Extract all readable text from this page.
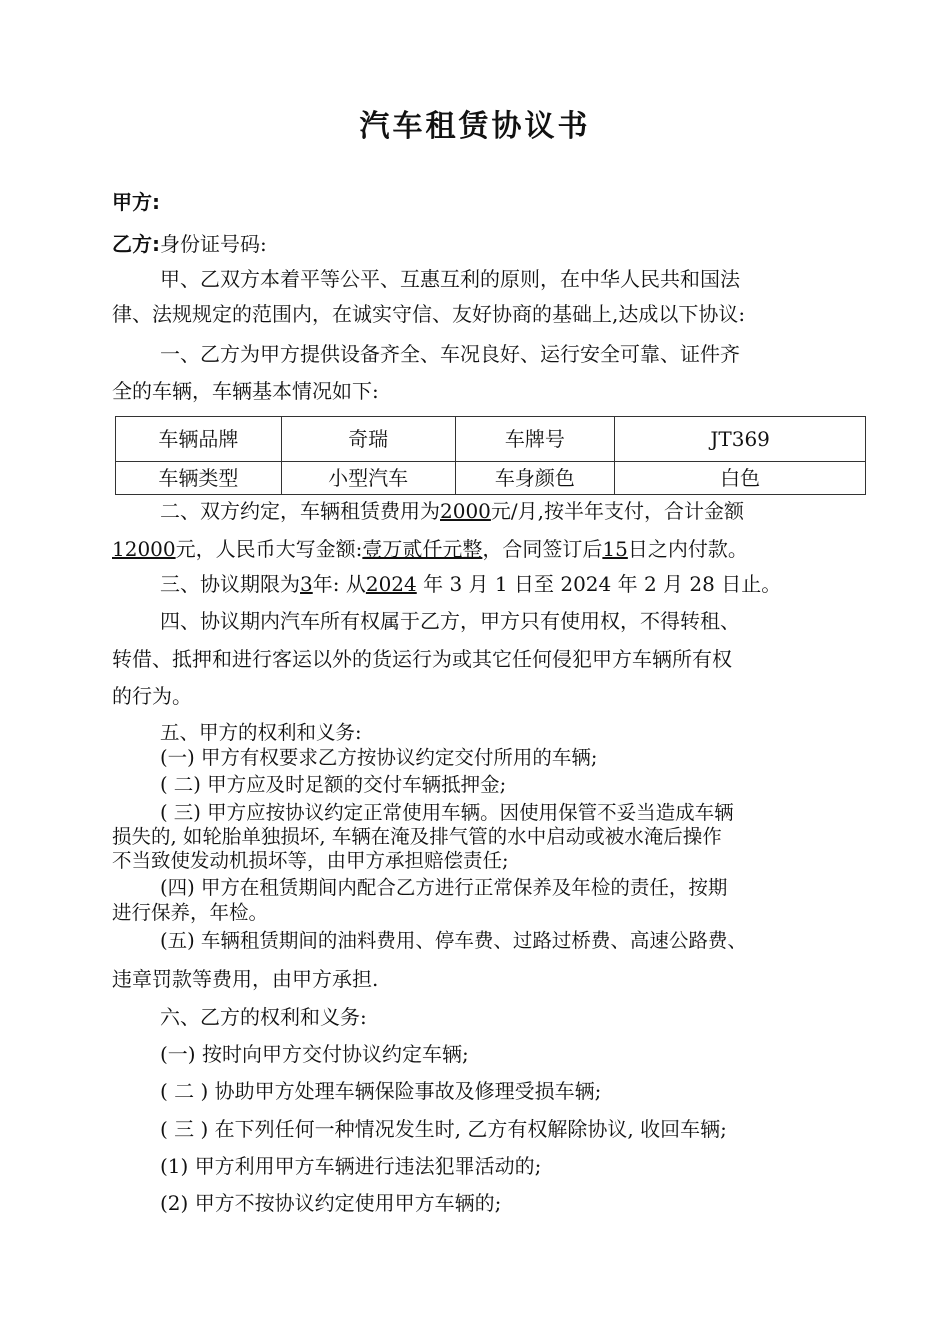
汽车租赁协议书

甲方:

乙方:身份证号码:

甲、乙双方本着平等公平、互惠互利的原则，在中华人民共和国法

律、法规规定的范围内，在诚实守信、友好协商的基础上,达成以下协议:

一、乙方为甲方提供设备齐全、车况良好、运行安全可靠、证件齐

全的车辆，车辆基本情况如下:

车辆品牌	奇瑞	车牌号	JT369
车辆类型	小型汽车	车身颜色	白色

二、双方约定，车辆租赁费用为2000元/月,按半年支付，合计金额

12000元，人民币大写金额:壹万贰仟元整，合同签订后15日之内付款。

三、协议期限为3年: 从2024 年 3 月 1 日至 2024 年 2 月 28 日止。

四、协议期内汽车所有权属于乙方，甲方只有使用权，不得转租、

转借、抵押和进行客运以外的货运行为或其它任何侵犯甲方车辆所有权

的行为。

五、甲方的权利和义务:

(一) 甲方有权要求乙方按协议约定交付所用的车辆;

( 二) 甲方应及时足额的交付车辆抵押金;

( 三) 甲方应按协议约定正常使用车辆。因使用保管不妥当造成车辆

损失的, 如轮胎单独损坏, 车辆在淹及排气管的水中启动或被水淹后操作

不当致使发动机损坏等，由甲方承担赔偿责任;

(四) 甲方在租赁期间内配合乙方进行正常保养及年检的责任，按期

进行保养，年检。

(五) 车辆租赁期间的油料费用、停车费、过路过桥费、高速公路费、

违章罚款等费用，由甲方承担.

六、乙方的权利和义务:

(一) 按时向甲方交付协议约定车辆;

( 二 ) 协助甲方处理车辆保险事故及修理受损车辆;

( 三 ) 在下列任何一种情况发生时, 乙方有权解除协议, 收回车辆;

(1) 甲方利用甲方车辆进行违法犯罪活动的;

(2) 甲方不按协议约定使用甲方车辆的;
